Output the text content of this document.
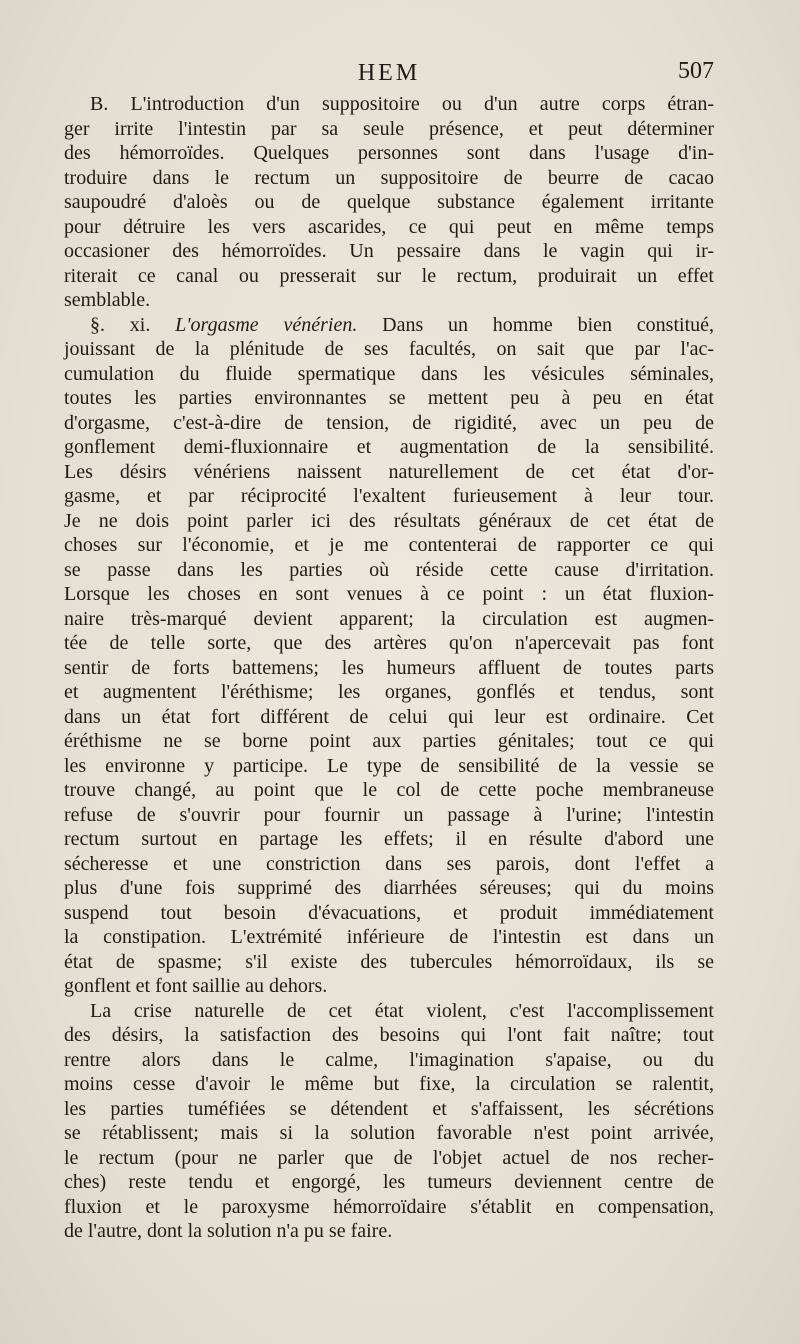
HEM	507
B. L'introduction d'un suppositoire ou d'un autre corps étran-
ger irrite l'intestin par sa seule présence, et peut déterminer
des hémorroïdes. Quelques personnes sont dans l'usage d'in-
troduire dans le rectum un suppositoire de beurre de cacao
saupoudré d'aloès ou de quelque substance également irritante
pour détruire les vers ascarides, ce qui peut en même temps
occasioner des hémorroïdes. Un pessaire dans le vagin qui ir-
riterait ce canal ou presserait sur le rectum, produirait un effet
semblable.
§. xi. L'orgasme vénérien. Dans un homme bien constitué,
jouissant de la plénitude de ses facultés, on sait que par l'ac-
cumulation du fluide spermatique dans les vésicules séminales,
toutes les parties environnantes se mettent peu à peu en état
d'orgasme, c'est-à-dire de tension, de rigidité, avec un peu de
gonflement demi-fluxionnaire et augmentation de la sensibilité.
Les désirs vénériens naissent naturellement de cet état d'or-
gasme, et par réciprocité l'exaltent furieusement à leur tour.
Je ne dois point parler ici des résultats généraux de cet état de
choses sur l'économie, et je me contenterai de rapporter ce qui
se passe dans les parties où réside cette cause d'irritation.
Lorsque les choses en sont venues à ce point : un état fluxion-
naire très-marqué devient apparent; la circulation est augmen-
tée de telle sorte, que des artères qu'on n'apercevait pas font
sentir de forts battemens; les humeurs affluent de toutes parts
et augmentent l'éréthisme; les organes, gonflés et tendus, sont
dans un état fort différent de celui qui leur est ordinaire. Cet
éréthisme ne se borne point aux parties génitales; tout ce qui
les environne y participe. Le type de sensibilité de la vessie se
trouve changé, au point que le col de cette poche membraneuse
refuse de s'ouvrir pour fournir un passage à l'urine; l'intestin
rectum surtout en partage les effets; il en résulte d'abord une
sécheresse et une constriction dans ses parois, dont l'effet a
plus d'une fois supprimé des diarrhées séreuses; qui du moins
suspend tout besoin d'évacuations, et produit immédiatement
la constipation. L'extrémité inférieure de l'intestin est dans un
état de spasme; s'il existe des tubercules hémorroïdaux, ils se
gonflent et font saillie au dehors.
La crise naturelle de cet état violent, c'est l'accomplissement
des désirs, la satisfaction des besoins qui l'ont fait naître; tout
rentre alors dans le calme, l'imagination s'apaise, ou du
moins cesse d'avoir le même but fixe, la circulation se ralentit,
les parties tuméfiées se détendent et s'affaissent, les sécrétions
se rétablissent; mais si la solution favorable n'est point arrivée,
le rectum (pour ne parler que de l'objet actuel de nos recher-
ches) reste tendu et engorgé, les tumeurs deviennent centre de
fluxion et le paroxysme hémorroïdaire s'établit en compensation,
de l'autre, dont la solution n'a pu se faire.
